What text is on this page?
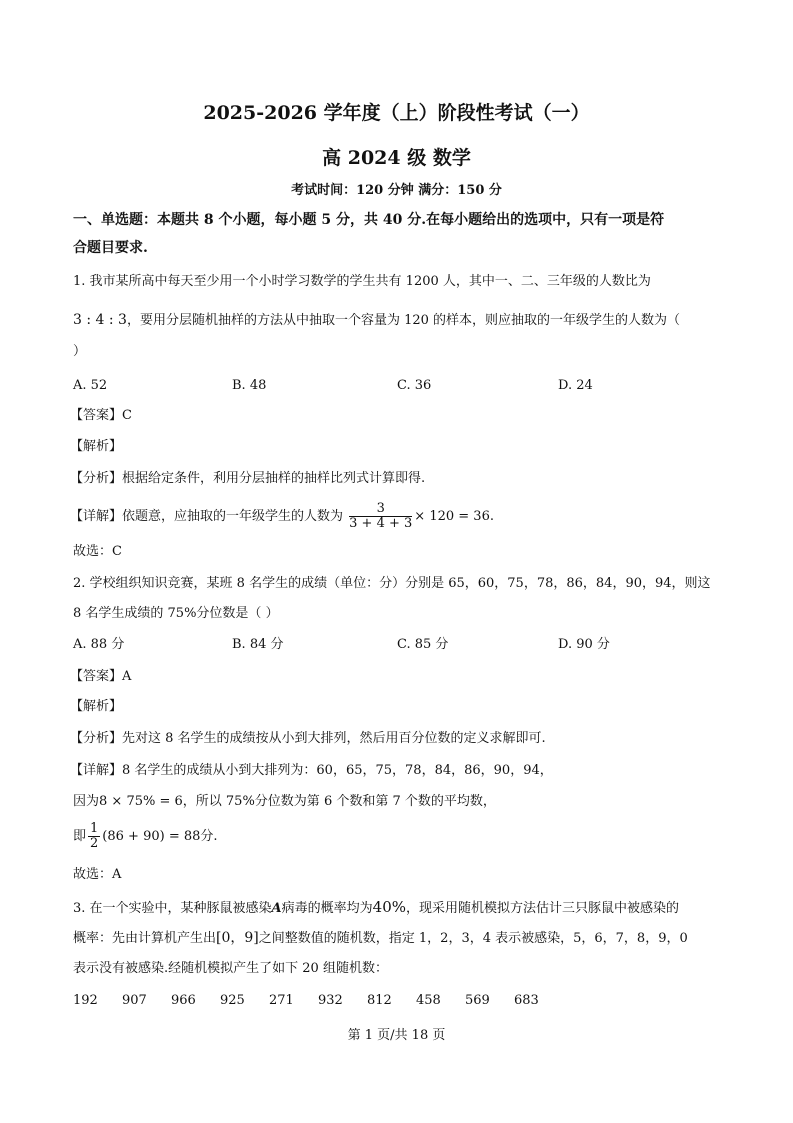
2025-2026 学年度（上）阶段性考试（一）
高 2024 级 数学
考试时间：120 分钟 满分：150 分
一、单选题：本题共 8 个小题，每小题 5 分，共 40 分.在每小题给出的选项中，只有一项是符
合题目要求.
1. 我市某所高中每天至少用一个小时学习数学的学生共有 1200 人，其中一、二、三年级的人数比为
3 : 4 : 3，要用分层随机抽样的方法从中抽取一个容量为 120 的样本，则应抽取的一年级学生的人数为（
）
A. 52	B. 48	C. 36	D. 24
【答案】C
【解析】
【分析】根据给定条件，利用分层抽样的抽样比列式计算即得.
【详解】依题意，应抽取的一年级学生的人数为 $\frac{3}{3 + 4 + 3} \times 120 = 36$.
故选：C
2. 学校组织知识竞赛，某班 8 名学生的成绩（单位：分）分别是 65，60，75，78，86，84，90，94，则这
8 名学生成绩的 75%分位数是（ ）
A. 88 分	B. 84 分	C. 85 分	D. 90 分
【答案】A
【解析】
【分析】先对这 8 名学生的成绩按从小到大排列，然后用百分位数的定义求解即可.
【详解】8 名学生的成绩从小到大排列为：60，65，75，78，84，86，90，94，
因为8 × 75% = 6，所以 75%分位数为第 6 个数和第 7 个数的平均数，
即 $\frac{1}{2} (86 + 90) = 88$分.
故选：A
3. 在一个实验中，某种豚鼠被感染A病毒的概率均为40%，现采用随机模拟方法估计三只豚鼠中被感染的
概率：先由计算机产生出[0，9]之间整数值的随机数，指定 1，2，3，4 表示被感染，5，6，7，8，9，0
表示没有被感染.经随机模拟产生了如下 20 组随机数：
192 907 966 925 271 932 812 458 569 683
第 1 页/共 18 页
